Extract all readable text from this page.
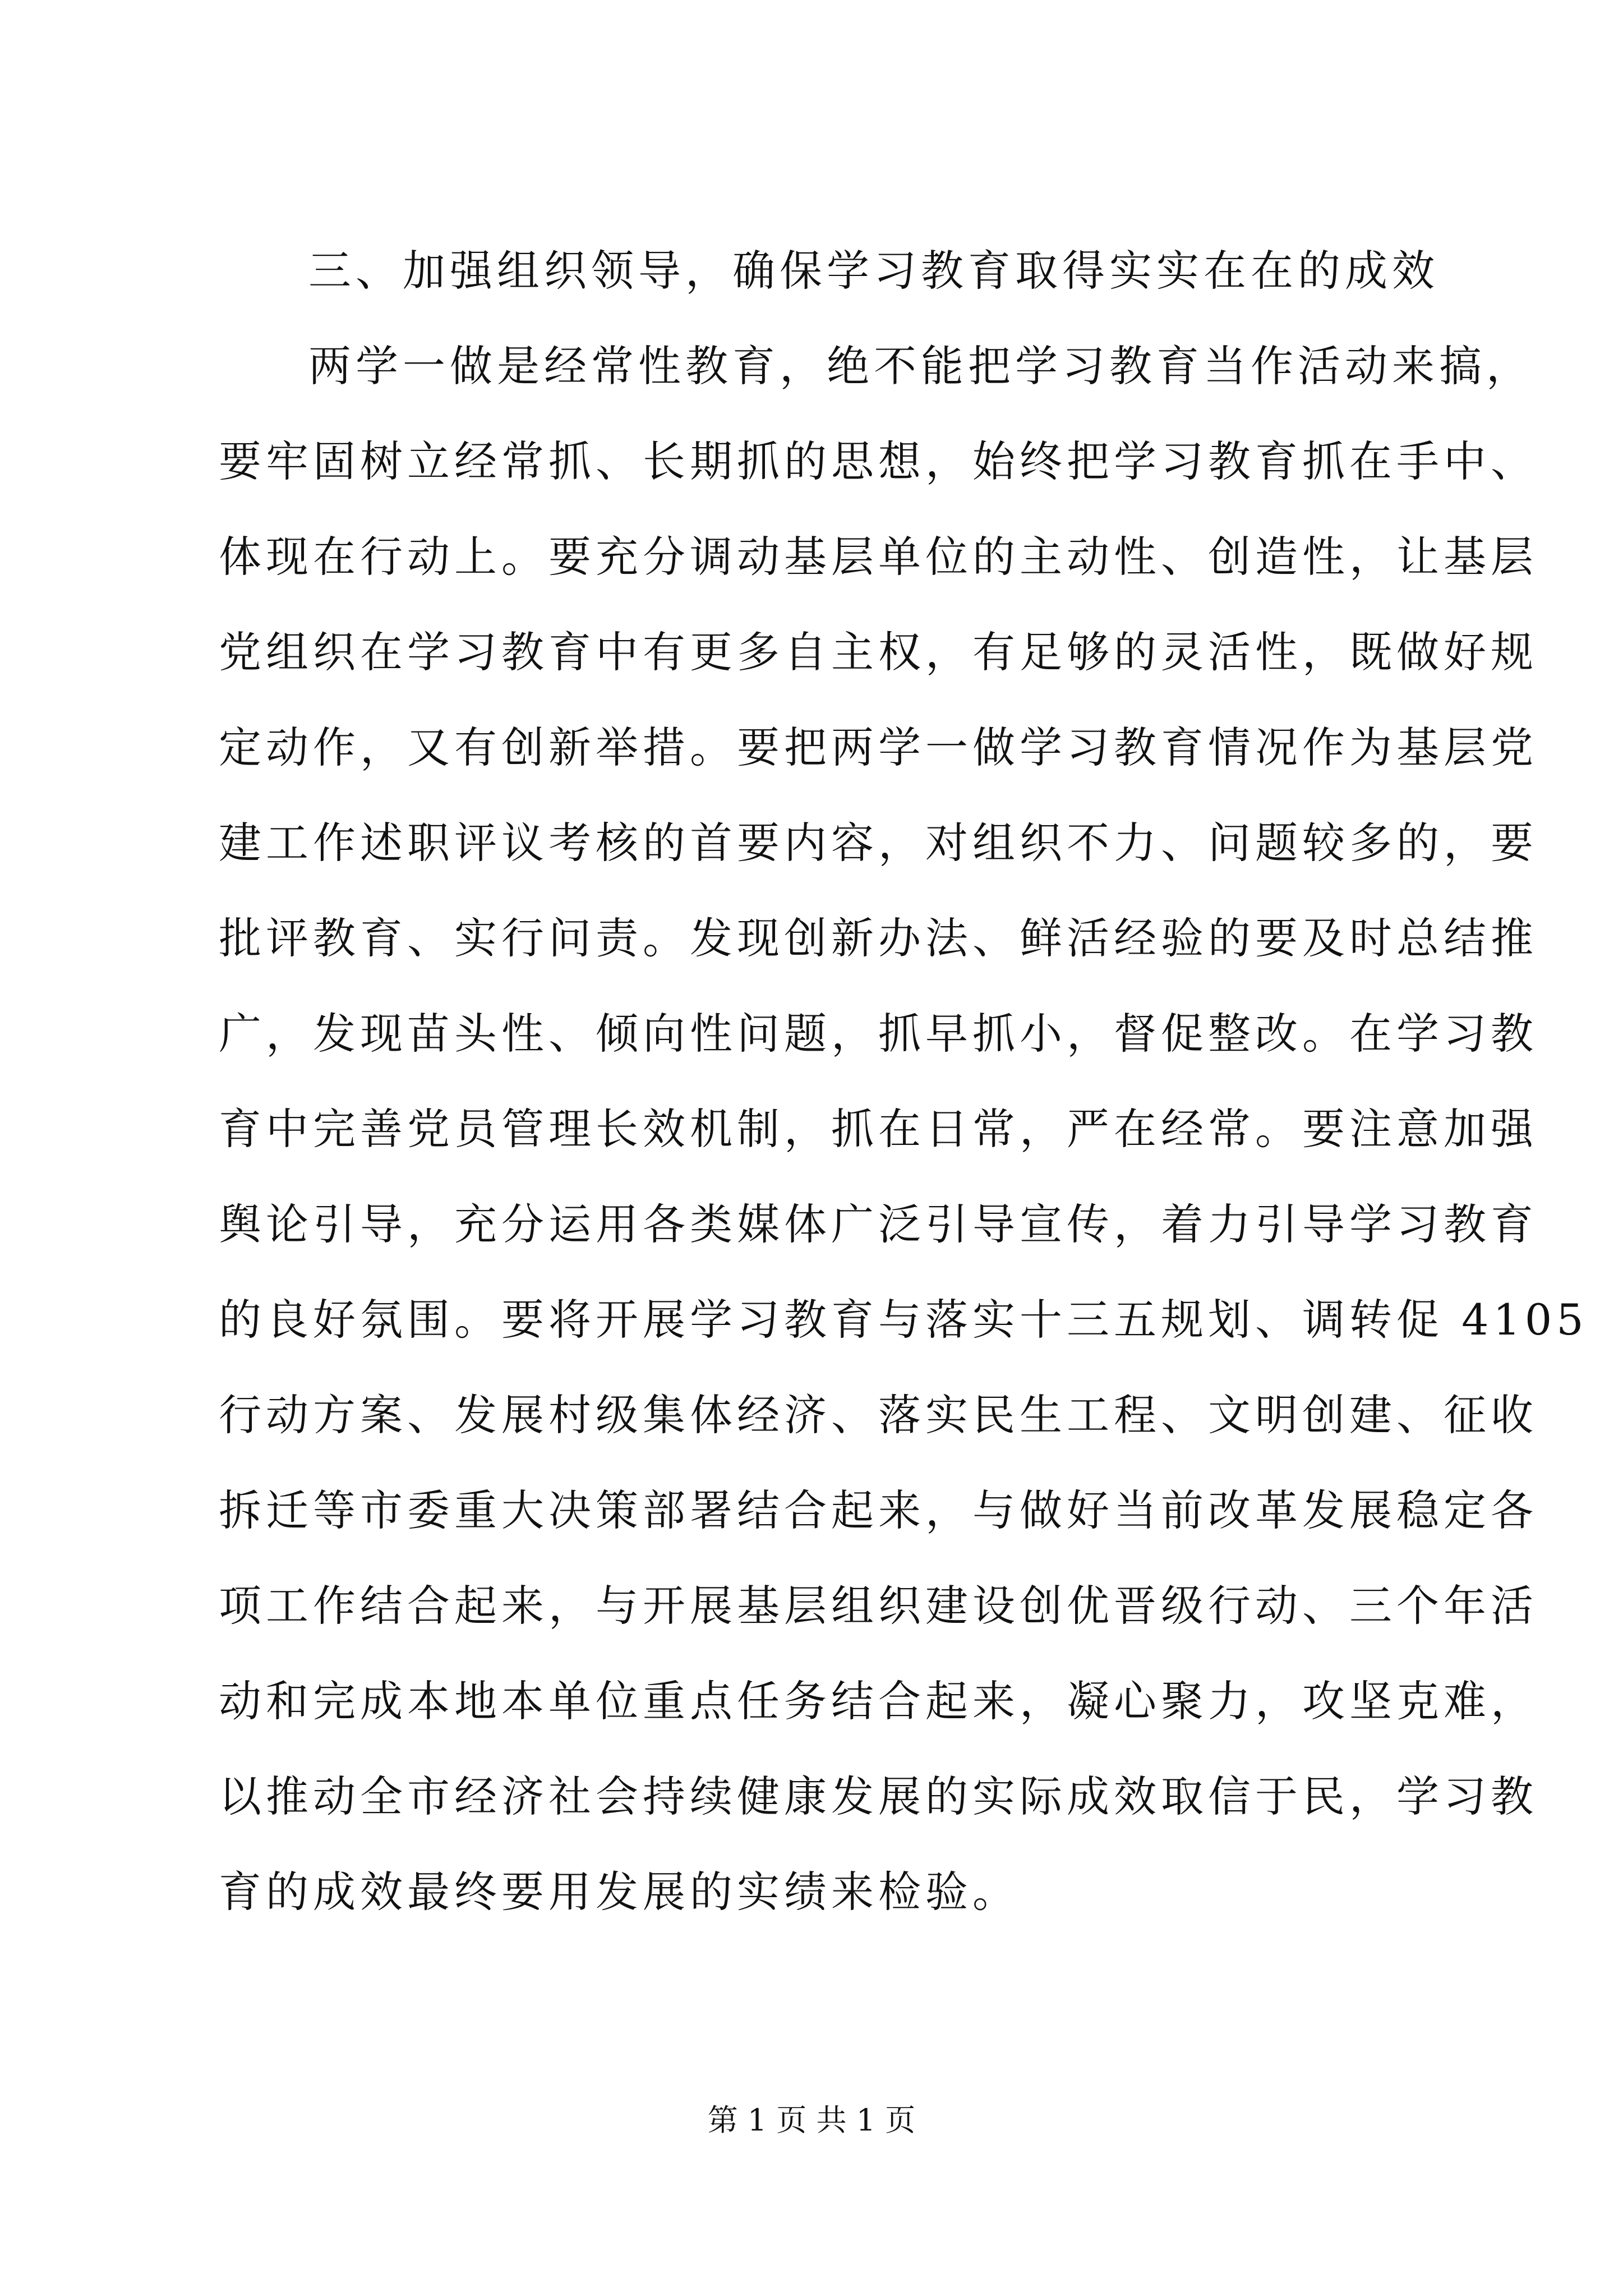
三、加强组织领导，确保学习教育取得实实在在的成效
两学一做是经常性教育，绝不能把学习教育当作活动来搞，
要牢固树立经常抓、长期抓的思想，始终把学习教育抓在手中、
体现在行动上。要充分调动基层单位的主动性、创造性，让基层
党组织在学习教育中有更多自主权，有足够的灵活性，既做好规
定动作，又有创新举措。要把两学一做学习教育情况作为基层党
建工作述职评议考核的首要内容，对组织不力、问题较多的，要
批评教育、实行问责。发现创新办法、鲜活经验的要及时总结推
广，发现苗头性、倾向性问题，抓早抓小，督促整改。在学习教
育中完善党员管理长效机制，抓在日常，严在经常。要注意加强
舆论引导，充分运用各类媒体广泛引导宣传，着力引导学习教育
的良好氛围。要将开展学习教育与落实十三五规划、调转促 4105
行动方案、发展村级集体经济、落实民生工程、文明创建、征收
拆迁等市委重大决策部署结合起来，与做好当前改革发展稳定各
项工作结合起来，与开展基层组织建设创优晋级行动、三个年活
动和完成本地本单位重点任务结合起来，凝心聚力，攻坚克难，
以推动全市经济社会持续健康发展的实际成效取信于民，学习教
育的成效最终要用发展的实绩来检验。
第 1 页 共 1 页
